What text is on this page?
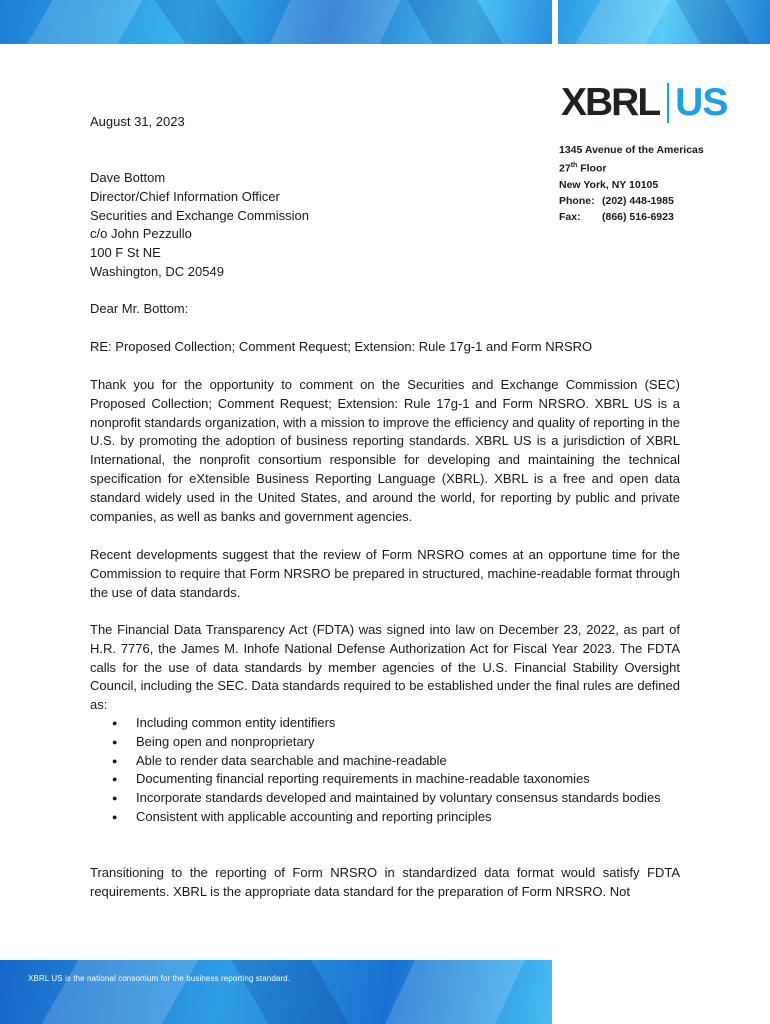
XBRL US
1345 Avenue of the Americas
27th Floor
New York, NY 10105
Phone: (202) 448-1985
Fax:	(866) 516-6923
August 31, 2023
Dave Bottom
Director/Chief Information Officer
Securities and Exchange Commission
c/o John Pezzullo
100 F St NE
Washington, DC 20549
Dear Mr. Bottom:
RE: Proposed Collection; Comment Request; Extension: Rule 17g-1 and Form NRSRO

Thank you for the opportunity to comment on the Securities and Exchange Commission (SEC) Proposed Collection; Comment Request; Extension: Rule 17g-1 and Form NRSRO. XBRL US is a nonprofit standards organization, with a mission to improve the efficiency and quality of reporting in the U.S. by promoting the adoption of business reporting standards. XBRL US is a jurisdiction of XBRL International, the nonprofit consortium responsible for developing and maintaining the technical specification for eXtensible Business Reporting Language (XBRL). XBRL is a free and open data standard widely used in the United States, and around the world, for reporting by public and private companies, as well as banks and government agencies.

Recent developments suggest that the review of Form NRSRO comes at an opportune time for the Commission to require that Form NRSRO be prepared in structured, machine-readable format through the use of data standards.

The Financial Data Transparency Act (FDTA) was signed into law on December 23, 2022, as part of H.R. 7776, the James M. Inhofe National Defense Authorization Act for Fiscal Year 2023. The FDTA calls for the use of data standards by member agencies of the U.S. Financial Stability Oversight Council, including the SEC. Data standards required to be established under the final rules are defined as:

● Including common entity identifiers
● Being open and nonproprietary
● Able to render data searchable and machine-readable
● Documenting financial reporting requirements in machine-readable taxonomies
● Incorporate standards developed and maintained by voluntary consensus standards bodies
● Consistent with applicable accounting and reporting principles

Transitioning to the reporting of Form NRSRO in standardized data format would satisfy FDTA requirements. XBRL is the appropriate data standard for the preparation of Form NRSRO. Not

XBRL US is the national consortium for the business reporting standard.
